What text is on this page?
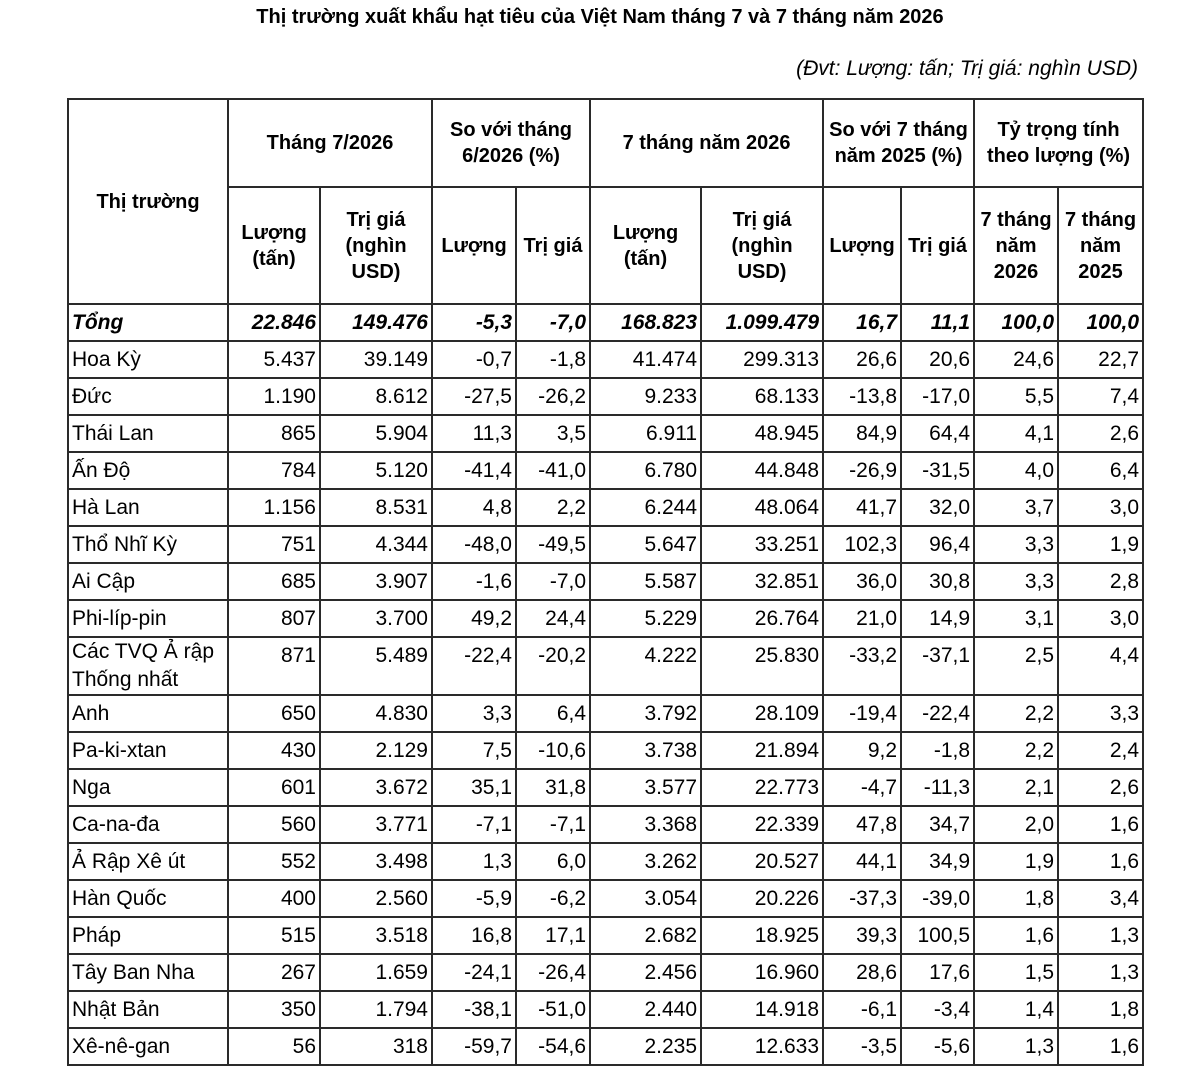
Thị trường xuất khẩu hạt tiêu của Việt Nam tháng 7 và 7 tháng năm 2026
(Đvt: Lượng: tấn; Trị giá: nghìn USD)
Thị trường	Tháng 7/2026		So với tháng 6/2026 (%)		7 tháng năm 2026		So với 7 tháng năm 2025 (%)		Tỷ trọng tính theo lượng (%)	
	Lượng (tấn)	Trị giá (nghìn USD)	Lượng	Trị giá	Lượng (tấn)	Trị giá (nghìn USD)	Lượng	Trị giá	7 tháng năm 2026	7 tháng năm 2025
Tổng	22.846	149.476	-5,3	-7,0	168.823	1.099.479	16,7	11,1	100,0	100,0
Hoa Kỳ	5.437	39.149	-0,7	-1,8	41.474	299.313	26,6	20,6	24,6	22,7
Đức	1.190	8.612	-27,5	-26,2	9.233	68.133	-13,8	-17,0	5,5	7,4
Thái Lan	865	5.904	11,3	3,5	6.911	48.945	84,9	64,4	4,1	2,6
Ấn Độ	784	5.120	-41,4	-41,0	6.780	44.848	-26,9	-31,5	4,0	6,4
Hà Lan	1.156	8.531	4,8	2,2	6.244	48.064	41,7	32,0	3,7	3,0
Thổ Nhĩ Kỳ	751	4.344	-48,0	-49,5	5.647	33.251	102,3	96,4	3,3	1,9
Ai Cập	685	3.907	-1,6	-7,0	5.587	32.851	36,0	30,8	3,3	2,8
Phi-líp-pin	807	3.700	49,2	24,4	5.229	26.764	21,0	14,9	3,1	3,0
Các TVQ Ả rập Thống nhất	871	5.489	-22,4	-20,2	4.222	25.830	-33,2	-37,1	2,5	4,4
Anh	650	4.830	3,3	6,4	3.792	28.109	-19,4	-22,4	2,2	3,3
Pa-ki-xtan	430	2.129	7,5	-10,6	3.738	21.894	9,2	-1,8	2,2	2,4
Nga	601	3.672	35,1	31,8	3.577	22.773	-4,7	-11,3	2,1	2,6
Ca-na-đa	560	3.771	-7,1	-7,1	3.368	22.339	47,8	34,7	2,0	1,6
Ả Rập Xê út	552	3.498	1,3	6,0	3.262	20.527	44,1	34,9	1,9	1,6
Hàn Quốc	400	2.560	-5,9	-6,2	3.054	20.226	-37,3	-39,0	1,8	3,4
Pháp	515	3.518	16,8	17,1	2.682	18.925	39,3	100,5	1,6	1,3
Tây Ban Nha	267	1.659	-24,1	-26,4	2.456	16.960	28,6	17,6	1,5	1,3
Nhật Bản	350	1.794	-38,1	-51,0	2.440	14.918	-6,1	-3,4	1,4	1,8
Xê-nê-gan	56	318	-59,7	-54,6	2.235	12.633	-3,5	-5,6	1,3	1,6
